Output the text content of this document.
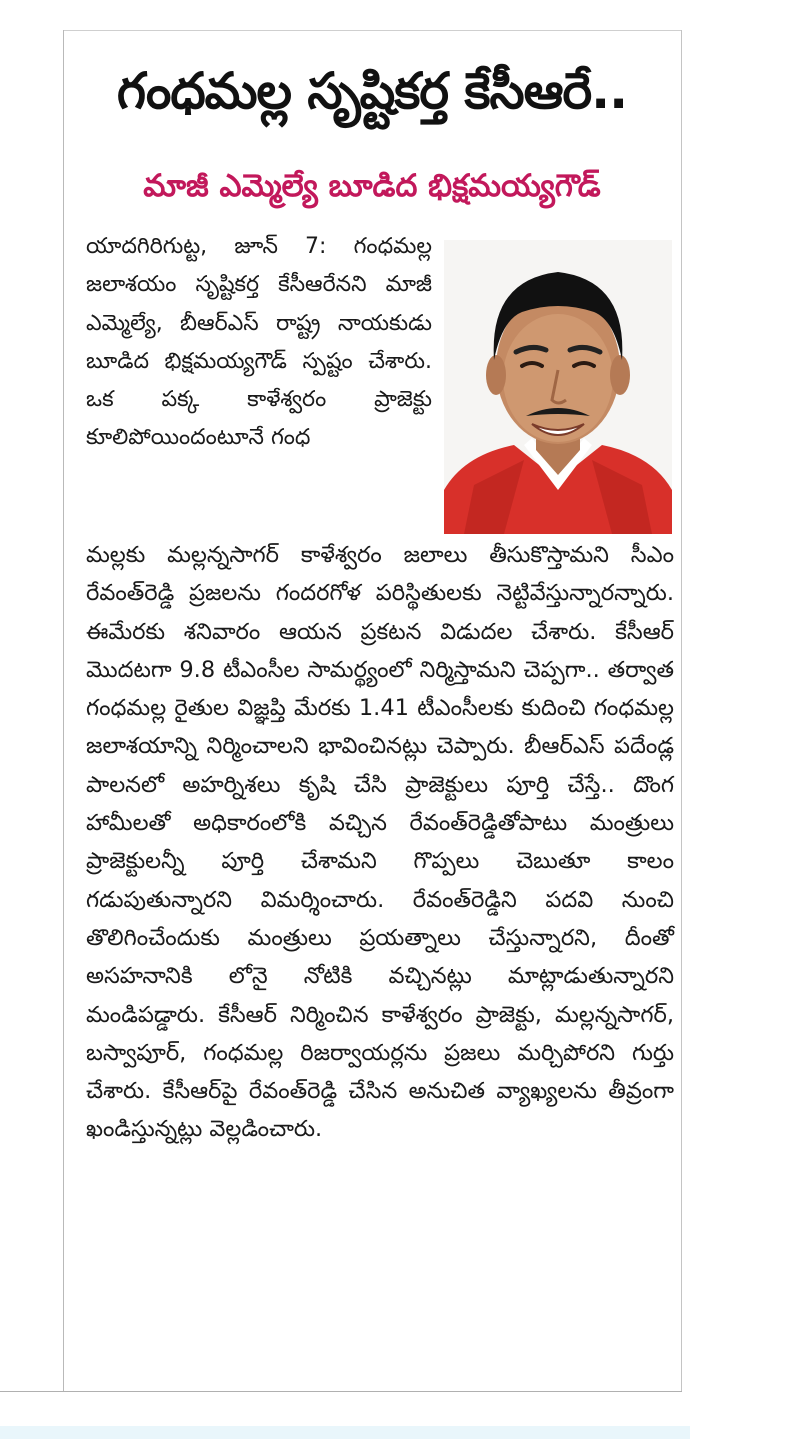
గంధమల్ల సృష్టికర్త కేసీఆరే..
మాజీ ఎమ్మెల్యే బూడిద భిక్షమయ్యగౌడ్

యాదగిరిగుట్ట, జూన్ 7: గంధమల్ల జలాశయం సృష్టికర్త కేసీఆరేనని మాజీ ఎమ్మెల్యే, బీఆర్ఎస్ రాష్ట్ర నాయకుడు బూడిద భిక్షమయ్యగౌడ్ స్పష్టం చేశారు. ఒక పక్క కాళేశ్వరం ప్రాజెక్టు కూలిపోయిందంటూనే గంధ

మల్లకు మల్లన్నసాగర్ కాళేశ్వరం జలాలు తీసుకొస్తామని సీఎం రేవంత్‌రెడ్డి ప్రజలను గందరగోళ పరిస్థితులకు నెట్టివేస్తున్నారన్నారు. ఈమేరకు శనివారం ఆయన ప్రకటన విడుదల చేశారు. కేసీఆర్ మొదటగా 9.8 టీఎంసీల సామర్థ్యంలో నిర్మిస్తామని చెప్పగా.. తర్వాత గంధమల్ల రైతుల విజ్ఞప్తి మేరకు 1.41 టీఎంసీలకు కుదించి గంధమల్ల జలాశయాన్ని నిర్మించాలని భావించినట్లు చెప్పారు. బీఆర్ఎస్ పదేండ్ల పాలనలో అహర్నిశలు కృషి చేసి ప్రాజెక్టులు పూర్తి చేస్తే.. దొంగ హామీలతో అధికారంలోకి వచ్చిన రేవంత్‌రెడ్డితోపాటు మంత్రులు ప్రాజెక్టులన్నీ పూర్తి చేశామని గొప్పలు చెబుతూ కాలం గడుపుతున్నారని విమర్శించారు. రేవంత్‌రెడ్డిని పదవి నుంచి తొలిగించేందుకు మంత్రులు ప్రయత్నాలు చేస్తున్నారని, దీంతో అసహనానికి లోనై నోటికి వచ్చినట్లు మాట్లాడుతున్నారని మండిపడ్డారు. కేసీఆర్ నిర్మించిన కాళేశ్వరం ప్రాజెక్టు, మల్లన్నసాగర్, బస్వాపూర్, గంధమల్ల రిజర్వాయర్లను ప్రజలు మర్చిపోరని గుర్తు చేశారు. కేసీఆర్‌పై రేవంత్‌రెడ్డి చేసిన అనుచిత వ్యాఖ్యలను తీవ్రంగా ఖండిస్తున్నట్లు వెల్లడించారు.
